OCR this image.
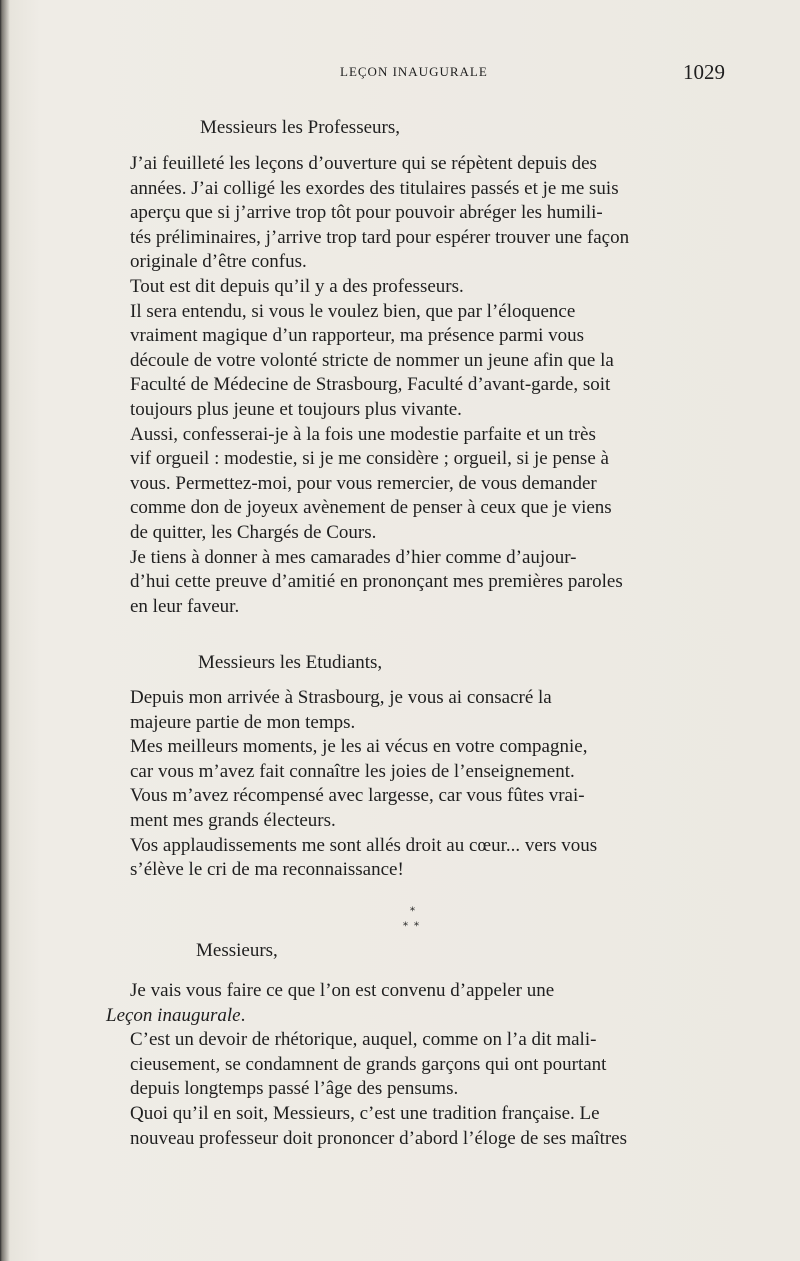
LEÇON INAUGURALE	1029
Messieurs les Professeurs,
J’ai feuilleté les leçons d’ouverture qui se répètent depuis des
années. J’ai colligé les exordes des titulaires passés et je me suis
aperçu que si j’arrive trop tôt pour pouvoir abréger les humili-
tés préliminaires, j’arrive trop tard pour espérer trouver une façon
originale d’être confus.
Tout est dit depuis qu’il y a des professeurs.
Il sera entendu, si vous le voulez bien, que par l’éloquence
vraiment magique d’un rapporteur, ma présence parmi vous
découle de votre volonté stricte de nommer un jeune afin que la
Faculté de Médecine de Strasbourg, Faculté d’avant-garde, soit
toujours plus jeune et toujours plus vivante.
Aussi, confesserai-je à la fois une modestie parfaite et un très
vif orgueil : modestie, si je me considère ; orgueil, si je pense à
vous. Permettez-moi, pour vous remercier, de vous demander
comme don de joyeux avènement de penser à ceux que je viens
de quitter, les Chargés de Cours.
Je tiens à donner à mes camarades d’hier comme d’aujour-
d’hui cette preuve d’amitié en prononçant mes premières paroles
en leur faveur.
Messieurs les Etudiants,
Depuis mon arrivée à Strasbourg, je vous ai consacré la
majeure partie de mon temps.
Mes meilleurs moments, je les ai vécus en votre compagnie,
car vous m’avez fait connaître les joies de l’enseignement.
Vous m’avez récompensé avec largesse, car vous fûtes vrai-
ment mes grands électeurs.
Vos applaudissements me sont allés droit au cœur... vers vous
s’élève le cri de ma reconnaissance!
*
* *
Messieurs,
Je vais vous faire ce que l’on est convenu d’appeler une
Leçon inaugurale.
C’est un devoir de rhétorique, auquel, comme on l’a dit mali-
cieusement, se condamnent de grands garçons qui ont pourtant
depuis longtemps passé l’âge des pensums.
Quoi qu’il en soit, Messieurs, c’est une tradition française. Le
nouveau professeur doit prononcer d’abord l’éloge de ses maîtres
